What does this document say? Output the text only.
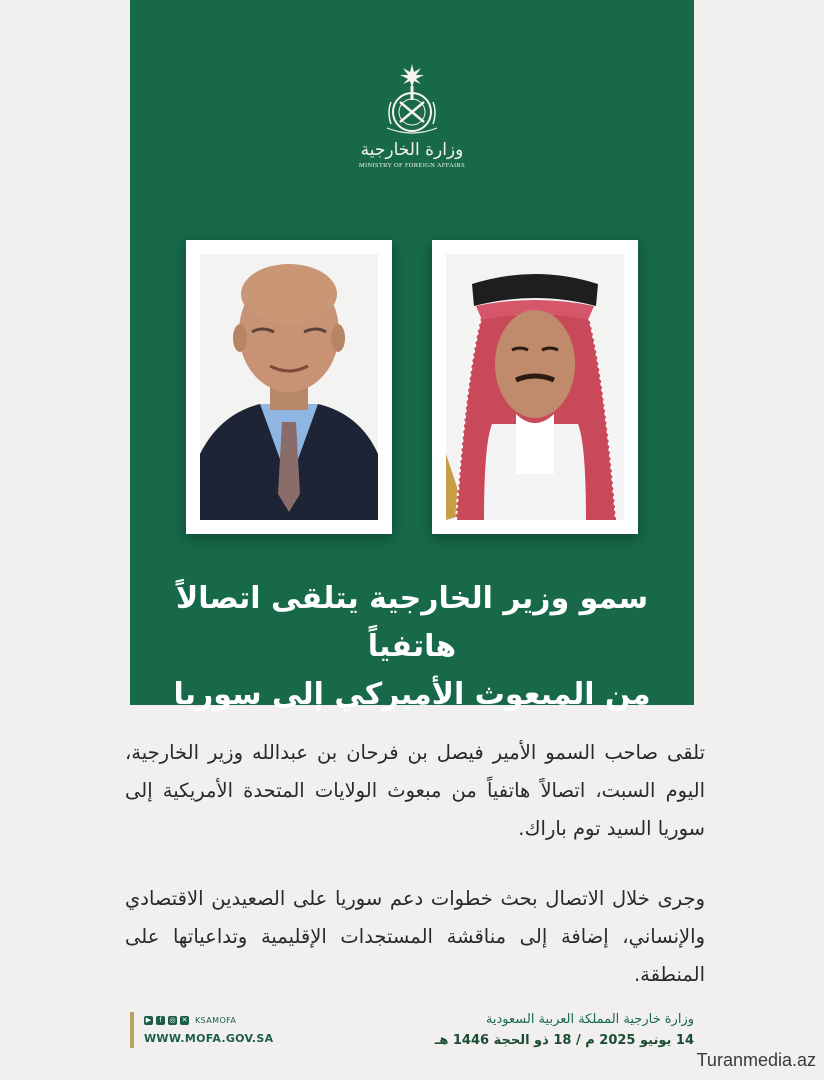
وزارة الخارجية
MINISTRY OF FOREIGN AFFAIRS
سمو وزير الخارجية يتلقى اتصالاً هاتفياً
من المبعوث الأميركي إلى سوريا
تلقى صاحب السمو الأمير فيصل بن فرحان بن عبدالله وزير الخارجية، اليوم السبت، اتصالاً هاتفياً من مبعوث الولايات المتحدة الأمريكية إلى سوريا السيد توم باراك.
وجرى خلال الاتصال بحث خطوات دعم سوريا على الصعيدين الاقتصادي والإنساني، إضافة إلى مناقشة المستجدات الإقليمية وتداعياتها على المنطقة.
▶	f	◎ ✕ KSAMOFA
WWW.MOFA.GOV.SA
وزارة خارجية المملكة العربية السعودية
14 يونيو 2025 م / 18 ذو الحجة 1446 هـ
Turanmedia.az
